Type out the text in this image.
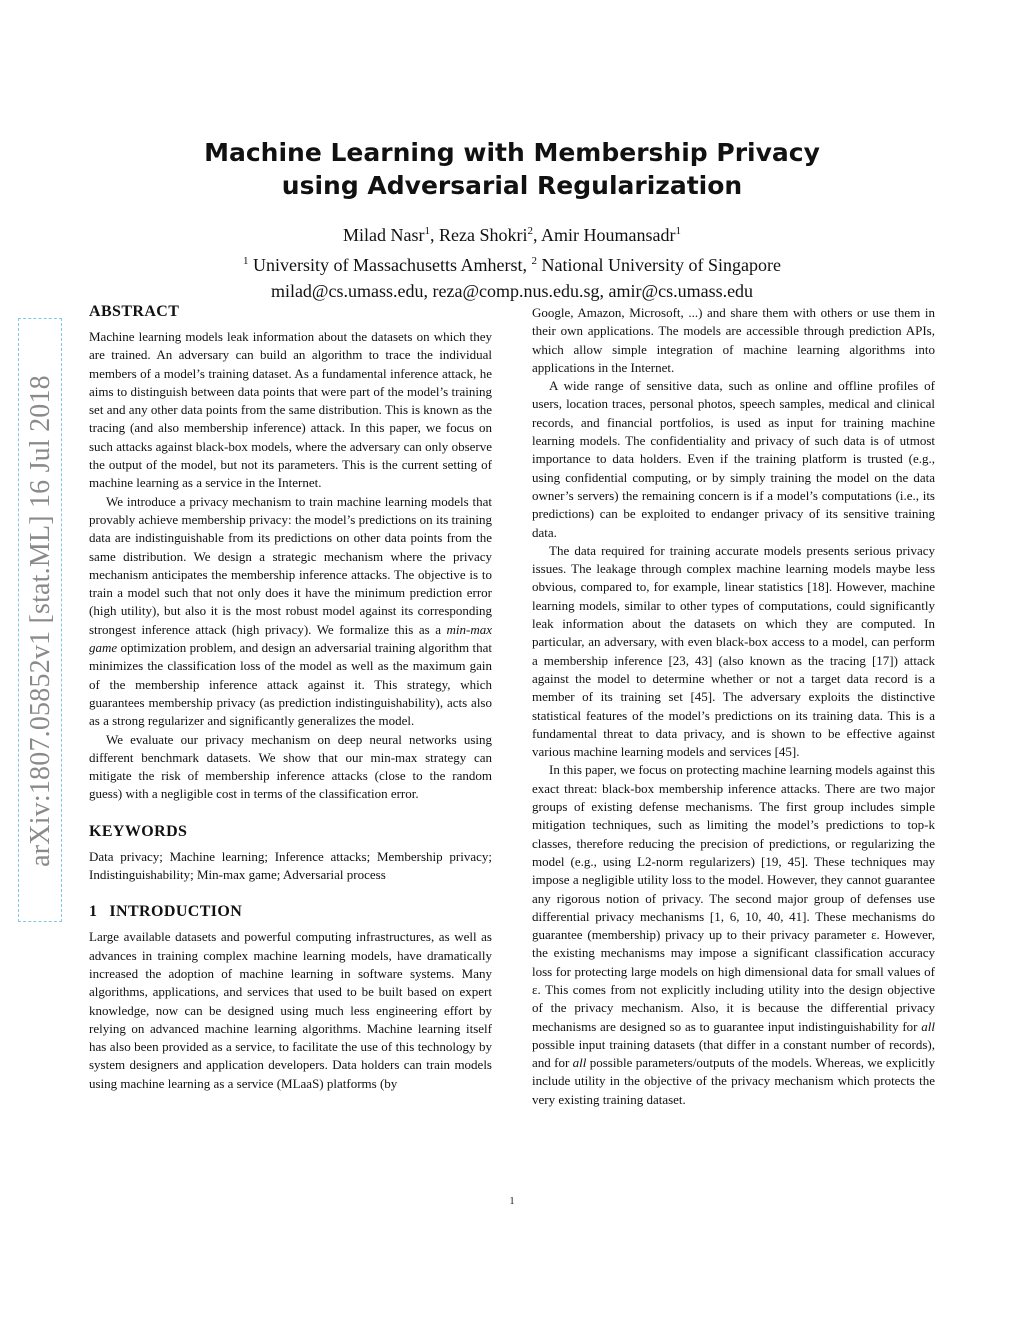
arXiv:1807.05852v1 [stat.ML] 16 Jul 2018
Machine Learning with Membership Privacy
using Adversarial Regularization
Milad Nasr$^1$, Reza Shokri$^2$, Amir Houmansadr$^1$
$^1$ University of Massachusetts Amherst, $^2$ National University of Singapore
milad@cs.umass.edu, reza@comp.nus.edu.sg, amir@cs.umass.edu
ABSTRACT

Machine learning models leak information about the datasets on which they are trained. An adversary can build an algorithm to trace the individual members of a model’s training dataset. As a fundamental inference attack, he aims to distinguish between data points that were part of the model’s training set and any other data points from the same distribution. This is known as the tracing (and also membership inference) attack. In this paper, we focus on such attacks against black-box models, where the adversary can only observe the output of the model, but not its parameters. This is the current setting of machine learning as a service in the Internet.

We introduce a privacy mechanism to train machine learning models that provably achieve membership privacy: the model’s predictions on its training data are indistinguishable from its predictions on other data points from the same distribution. We design a strategic mechanism where the privacy mechanism anticipates the membership inference attacks. The objective is to train a model such that not only does it have the minimum prediction error (high utility), but also it is the most robust model against its corresponding strongest inference attack (high privacy). We formalize this as a min-max game optimization problem, and design an adversarial training algorithm that minimizes the classification loss of the model as well as the maximum gain of the membership inference attack against it. This strategy, which guarantees membership privacy (as prediction indistinguishability), acts also as a strong regularizer and significantly generalizes the model.

We evaluate our privacy mechanism on deep neural networks using different benchmark datasets. We show that our min-max strategy can mitigate the risk of membership inference attacks (close to the random guess) with a negligible cost in terms of the classification error.

KEYWORDS

Data privacy; Machine learning; Inference attacks; Membership privacy; Indistinguishability; Min-max game; Adversarial process

1 INTRODUCTION

Large available datasets and powerful computing infrastructures, as well as advances in training complex machine learning models, have dramatically increased the adoption of machine learning in software systems. Many algorithms, applications, and services that used to be built based on expert knowledge, now can be designed using much less engineering effort by relying on advanced machine learning algorithms. Machine learning itself has also been provided as a service, to facilitate the use of this technology by system designers and application developers. Data holders can train models using machine learning as a service (MLaaS) platforms (by

Google, Amazon, Microsoft, ...) and share them with others or use them in their own applications. The models are accessible through prediction APIs, which allow simple integration of machine learning algorithms into applications in the Internet.

A wide range of sensitive data, such as online and offline profiles of users, location traces, personal photos, speech samples, medical and clinical records, and financial portfolios, is used as input for training machine learning models. The confidentiality and privacy of such data is of utmost importance to data holders. Even if the training platform is trusted (e.g., using confidential computing, or by simply training the model on the data owner’s servers) the remaining concern is if a model’s computations (i.e., its predictions) can be exploited to endanger privacy of its sensitive training data.

The data required for training accurate models presents serious privacy issues. The leakage through complex machine learning models maybe less obvious, compared to, for example, linear statistics [18]. However, machine learning models, similar to other types of computations, could significantly leak information about the datasets on which they are computed. In particular, an adversary, with even black-box access to a model, can perform a membership inference [23, 43] (also known as the tracing [17]) attack against the model to determine whether or not a target data record is a member of its training set [45]. The adversary exploits the distinctive statistical features of the model’s predictions on its training data. This is a fundamental threat to data privacy, and is shown to be effective against various machine learning models and services [45].

In this paper, we focus on protecting machine learning models against this exact threat: black-box membership inference attacks. There are two major groups of existing defense mechanisms. The first group includes simple mitigation techniques, such as limiting the model’s predictions to top-k classes, therefore reducing the precision of predictions, or regularizing the model (e.g., using L2-norm regularizers) [19, 45]. These techniques may impose a negligible utility loss to the model. However, they cannot guarantee any rigorous notion of privacy. The second major group of defenses use differential privacy mechanisms [1, 6, 10, 40, 41]. These mechanisms do guarantee (membership) privacy up to their privacy parameter ε. However, the existing mechanisms may impose a significant classification accuracy loss for protecting large models on high dimensional data for small values of ε. This comes from not explicitly including utility into the design objective of the privacy mechanism. Also, it is because the differential privacy mechanisms are designed so as to guarantee input indistinguishability for all possible input training datasets (that differ in a constant number of records), and for all possible parameters/outputs of the models. Whereas, we explicitly include utility in the objective of the privacy mechanism which protects the very existing training dataset.

1
